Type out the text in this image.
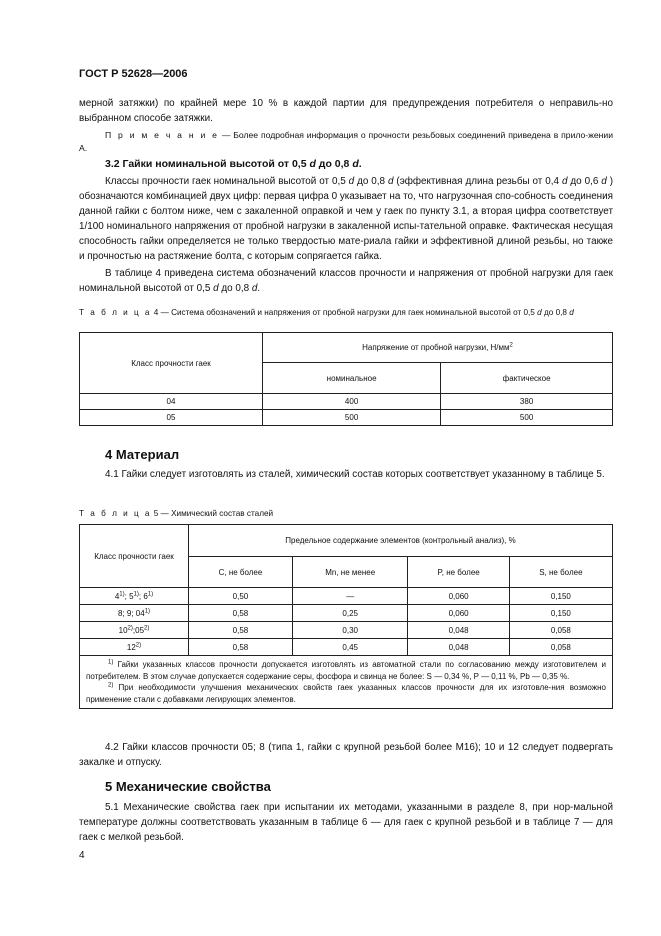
ГОСТ Р 52628—2006
мерной затяжки) по крайней мере 10 % в каждой партии для предупреждения потребителя о неправиль-но выбранном способе затяжки.
П р и м е ч а н и е — Более подробная информация о прочности резьбовых соединений приведена в прило-жении А.
3.2 Гайки номинальной высотой от 0,5 d до 0,8 d.
Классы прочности гаек номинальной высотой от 0,5 d до 0,8 d (эффективная длина резьбы от 0,4 d до 0,6 d ) обозначаются комбинацией двух цифр: первая цифра 0 указывает на то, что нагрузочная спо-собность соединения данной гайки с болтом ниже, чем с закаленной оправкой и чем у гаек по пункту 3.1, а вторая цифра соответствует 1/100 номинального напряжения от пробной нагрузки в закаленной испы-тательной оправке. Фактическая несущая способность гайки определяется не только твердостью мате-риала гайки и эффективной длиной резьбы, но также и прочностью на растяжение болта, с которым сопрягается гайка.
В таблице 4 приведена система обозначений классов прочности и напряжения от пробной нагрузки для гаек номинальной высотой от 0,5 d до 0,8 d.
Т а б л и ц а 4 — Система обозначений и напряжения от пробной нагрузки для гаек номинальной высотой от 0,5 d до 0,8 d
Класс прочности гаек	Напряжение от пробной нагрузки, $Н/мм^2$
	номинальное	фактическое
04	400	380
05	500	500
4 Материал
4.1 Гайки следует изготовлять из сталей, химический состав которых соответствует указанному в таблице 5.
Т а б л и ц а 5 — Химический состав сталей
Класс прочности гаек	Предельное содержание элементов (контрольный анализ), %			
	С, не более	Mn, не менее	P, не более	S, не более
4$^{1)}$; 5$^{1)}$; 6$^{1)}$	0,50	—	0,060	0,150
8; 9; 04$^{1)}$	0,58	0,25	0,060	0,150
10$^{2)}$;05$^{2)}$	0,58	0,30	0,048	0,058
12$^{2)}$	0,58	0,45	0,048	0,058

$^{1)}$ Гайки указанных классов прочности допускается изготовлять из автоматной стали по согласованию между изготовителем и потребителем. В этом случае допускается содержание серы, фосфора и свинца не более: S — 0,34 %, P — 0,11 %, Pb — 0,35 %.

$^{2)}$ При необходимости улучшения механических свойств гаек указанных классов прочности для их изготовле-ния возможно применение стали с добавками легирующих элементов.				

4.2 Гайки классов прочности 05; 8 (типа 1, гайки с крупной резьбой более М16); 10 и 12 следует подвергать закалке и отпуску.
5 Механические свойства
5.1 Механические свойства гаек при испытании их методами, указанными в разделе 8, при нор-мальной температуре должны соответствовать указанным в таблице 6 — для гаек с крупной резьбой и в таблице 7 — для гаек с мелкой резьбой.
4
